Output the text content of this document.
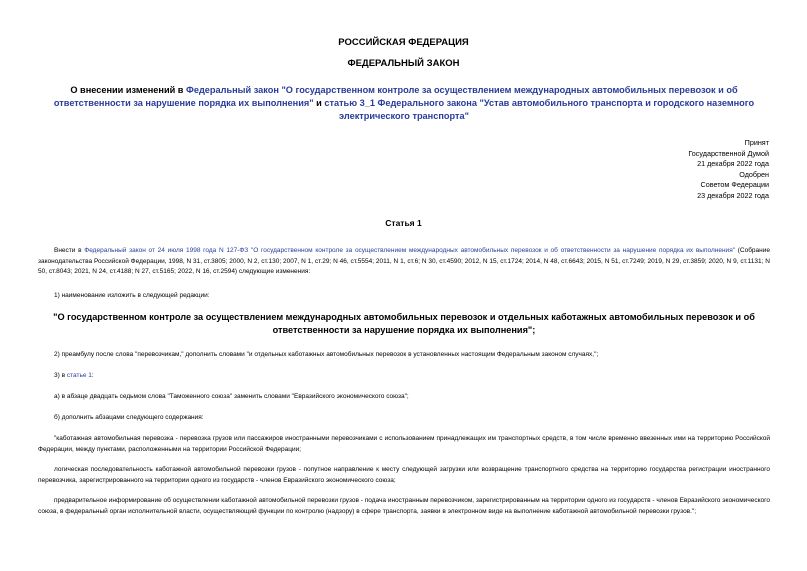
РОССИЙСКАЯ ФЕДЕРАЦИЯ
ФЕДЕРАЛЬНЫЙ ЗАКОН
О внесении изменений в Федеральный закон "О государственном контроле за осуществлением международных автомобильных перевозок и об ответственности за нарушение порядка их выполнения" и статью 3_1 Федерального закона "Устав автомобильного транспорта и городского наземного электрического транспорта"
Принят
Государственной Думой
21 декабря 2022 года
Одобрен
Советом Федерации
23 декабря 2022 года
Статья 1
Внести в Федеральный закон от 24 июля 1998 года N 127-ФЗ "О государственном контроле за осуществлением международных автомобильных перевозок и об ответственности за нарушение порядка их выполнения" (Собрание законодательства Российской Федерации, 1998, N 31, ст.3805; 2000, N 2, ст.130; 2007, N 1, ст.29; N 46, ст.5554; 2011, N 1, ст.6; N 30, ст.4590; 2012, N 15, ст.1724; 2014, N 48, ст.6643; 2015, N 51, ст.7249; 2019, N 29, ст.3859; 2020, N 9, ст.1131; N 50, ст.8043; 2021, N 24, ст.4188; N 27, ст.5165; 2022, N 16, ст.2594) следующие изменения:
1) наименование изложить в следующей редакции:
"О государственном контроле за осуществлением международных автомобильных перевозок и отдельных каботажных автомобильных перевозок и об ответственности за нарушение порядка их выполнения";
2) преамбулу после слова "перевозчикам," дополнить словами "и отдельных каботажных автомобильных перевозок в установленных настоящим Федеральным законом случаях,";
3) в статье 1:
а) в абзаце двадцать седьмом слова "Таможенного союза" заменить словами "Евразийского экономического союза";
б) дополнить абзацами следующего содержания:
"каботажная автомобильная перевозка - перевозка грузов или пассажиров иностранными перевозчиками с использованием принадлежащих им транспортных средств, в том числе временно ввезенных ими на территорию Российской Федерации, между пунктами, расположенными на территории Российской Федерации;
логическая последовательность каботажной автомобильной перевозки грузов - попутное направление к месту следующей загрузки или возвращение транспортного средства на территорию государства регистрации иностранного перевозчика, зарегистрированного на территории одного из государств - членов Евразийского экономического союза;
предварительное информирование об осуществлении каботажной автомобильной перевозки грузов - подача иностранным перевозчиком, зарегистрированным на территории одного из государств - членов Евразийского экономического союза, в федеральный орган исполнительной власти, осуществляющий функции по контролю (надзору) в сфере транспорта, заявки в электронном виде на выполнение каботажной автомобильной перевозки грузов.";
